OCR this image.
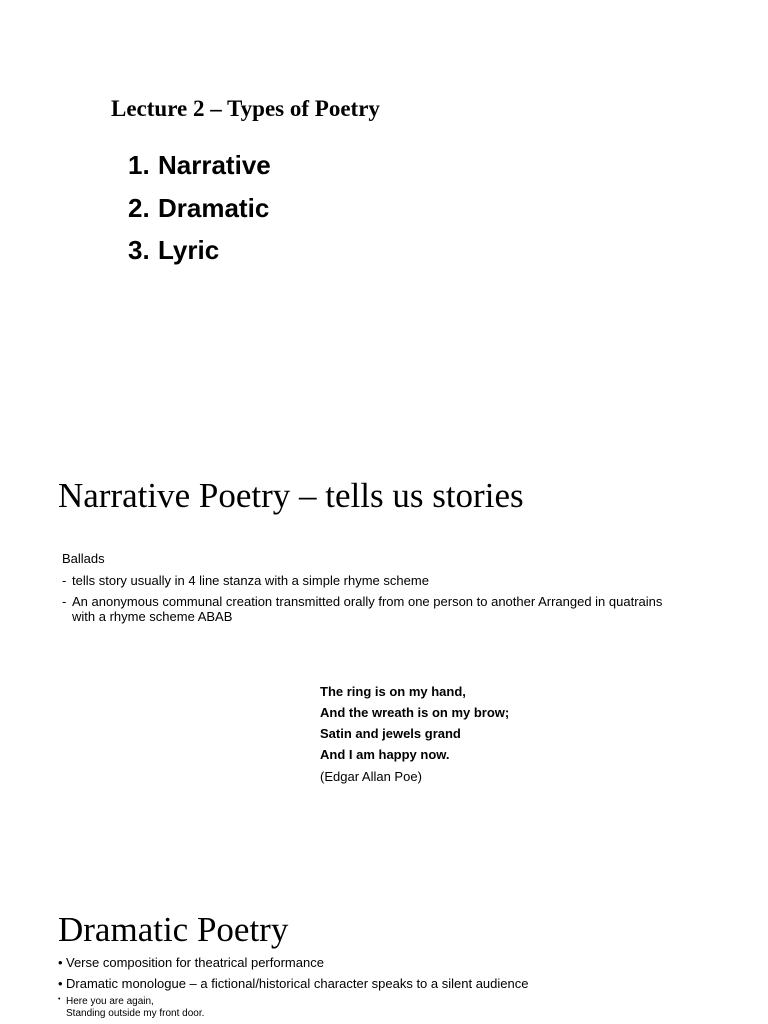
Lecture 2 – Types of Poetry
1. Narrative
2. Dramatic
3. Lyric
Narrative Poetry – tells us stories
Ballads
- tells story usually in 4 line stanza with a simple rhyme scheme
- An anonymous communal creation transmitted orally from one person to another Arranged in quatrains
with a rhyme scheme ABAB
The ring is on my hand,
And the wreath is on my brow;
Satin and jewels grand
And I am happy now.
(Edgar Allan Poe)
Dramatic Poetry
• Verse composition for theatrical performance
• Dramatic monologue – a fictional/historical character speaks to a silent audience
• Here you are again,
Standing outside my front door.
